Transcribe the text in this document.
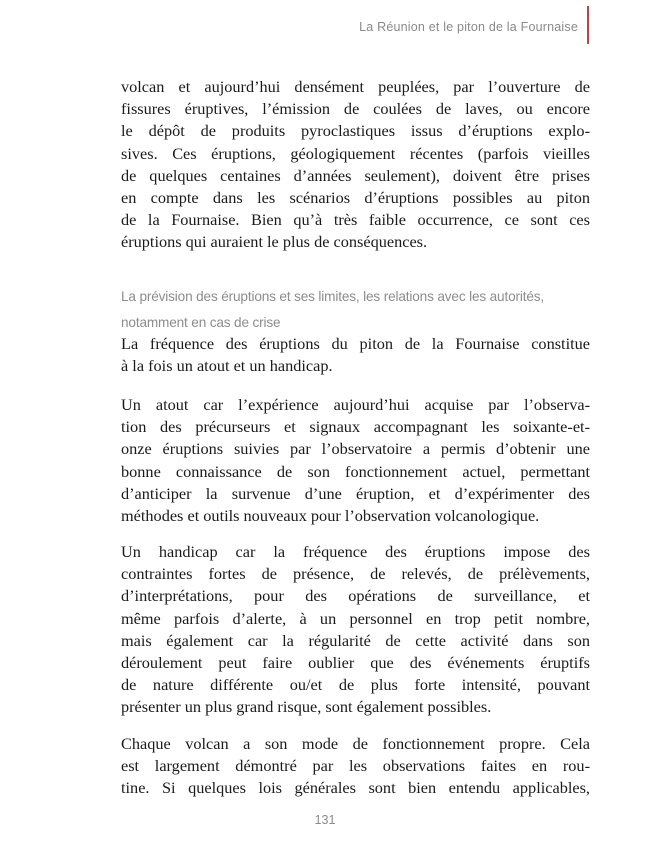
La Réunion et le piton de la Fournaise
volcan et aujourd’hui densément peuplées, par l’ouverture de
fissures éruptives, l’émission de coulées de laves, ou encore
le dépôt de produits pyroclastiques issus d’éruptions explo-
sives. Ces éruptions, géologiquement récentes (parfois vieilles
de quelques centaines d’années seulement), doivent être prises
en compte dans les scénarios d’éruptions possibles au piton
de la Fournaise. Bien qu’à très faible occurrence, ce sont ces
éruptions qui auraient le plus de conséquences.
La prévision des éruptions et ses limites, les relations avec les autorités,
notamment en cas de crise
La fréquence des éruptions du piton de la Fournaise constitue
à la fois un atout et un handicap.
Un atout car l’expérience aujourd’hui acquise par l’observa-
tion des précurseurs et signaux accompagnant les soixante-et-
onze éruptions suivies par l’observatoire a permis d’obtenir une
bonne connaissance de son fonctionnement actuel, permettant
d’anticiper la survenue d’une éruption, et d’expérimenter des
méthodes et outils nouveaux pour l’observation volcanologique.
Un handicap car la fréquence des éruptions impose des
contraintes fortes de présence, de relevés, de prélèvements,
d’interprétations, pour des opérations de surveillance, et
même parfois d’alerte, à un personnel en trop petit nombre,
mais également car la régularité de cette activité dans son
déroulement peut faire oublier que des événements éruptifs
de nature différente ou/et de plus forte intensité, pouvant
présenter un plus grand risque, sont également possibles.
Chaque volcan a son mode de fonctionnement propre. Cela
est largement démontré par les observations faites en rou-
tine. Si quelques lois générales sont bien entendu applicables,
131
